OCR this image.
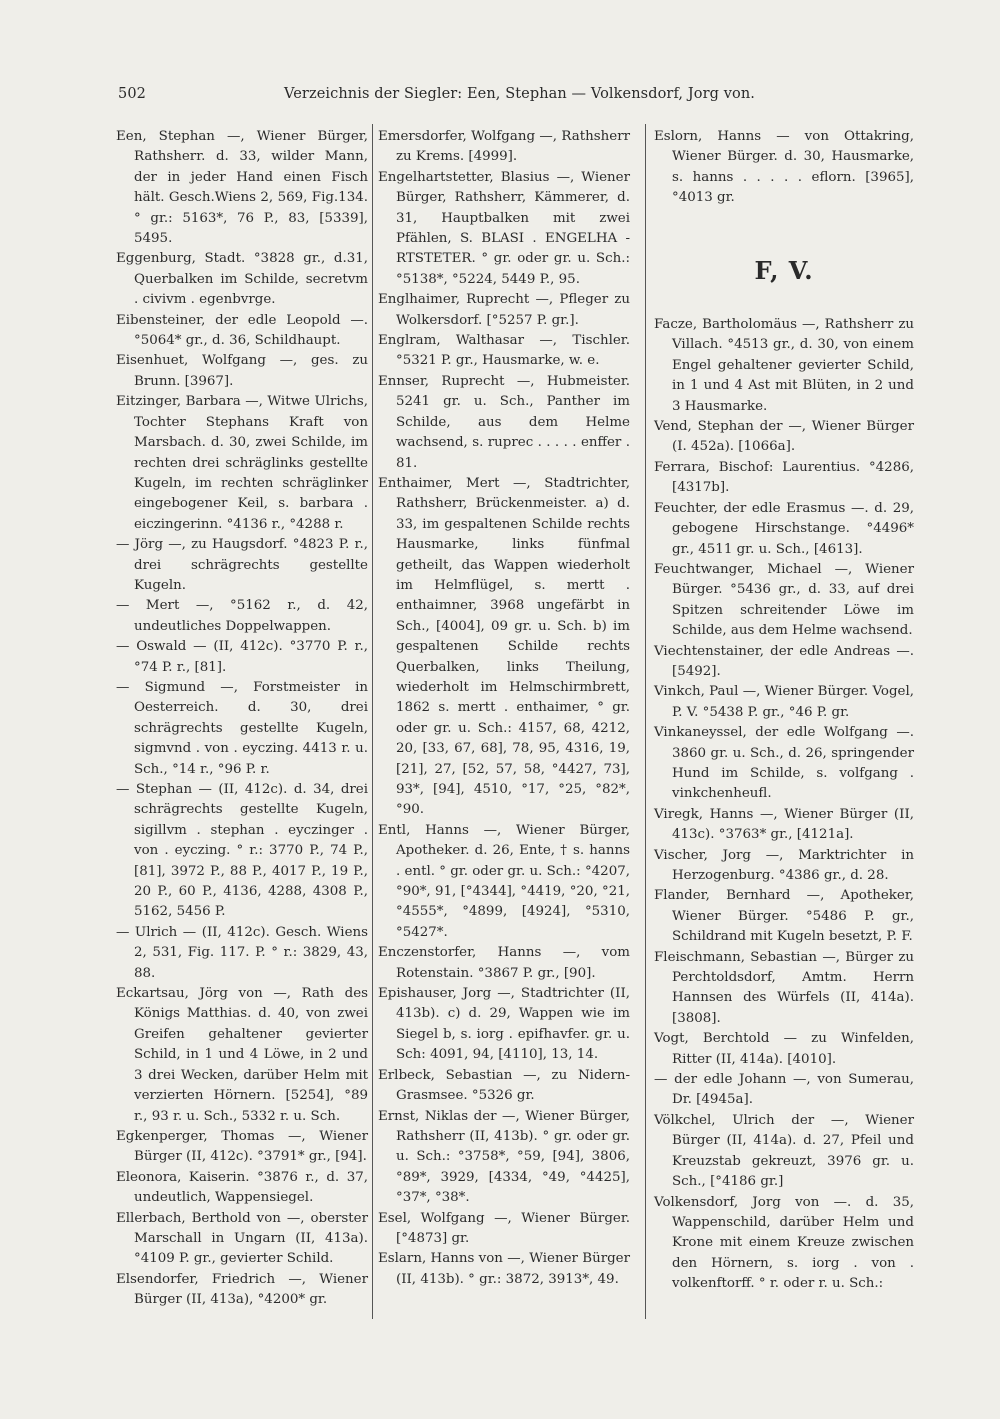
502	Verzeichnis der Siegler: Een, Stephan — Volkensdorf, Jorg von.

Een, Stephan —, Wiener Bürger, Rathsherr. d. 33, wilder Mann, der in jeder Hand einen Fisch hält. Gesch.Wiens 2, 569, Fig.134. ° gr.: 5163*, 76 P., 83, [5339], 5495.

Eggenburg, Stadt. °3828 gr., d.31, Querbalken im Schilde, secretvm . civivm . egenbvrge.

Eibensteiner, der edle Leopold —. °5064* gr., d. 36, Schildhaupt.

Eisenhuet, Wolfgang —, ges. zu Brunn. [3967].

Eitzinger, Barbara —, Witwe Ulrichs, Tochter Stephans Kraft von Marsbach. d. 30, zwei Schilde, im rechten drei schräglinks gestellte Kugeln, im rechten schräglinker eingebogener Keil, s. barbara . eiczingerinn. °4136 r., °4288 r.

— Jörg —, zu Haugsdorf. °4823 P. r., drei schrägrechts gestellte Kugeln.

— Mert —, °5162 r., d. 42, undeutliches Doppelwappen.

— Oswald — (II, 412c). °3770 P. r., °74 P. r., [81].

— Sigmund —, Forstmeister in Oesterreich. d. 30, drei schrägrechts gestellte Kugeln, sigmvnd . von . eyczing. 4413 r. u. Sch., °14 r., °96 P. r.

— Stephan — (II, 412c). d. 34, drei schrägrechts gestellte Kugeln, sigillvm . stephan . eyczinger . von . eyczing. ° r.: 3770 P., 74 P., [81], 3972 P., 88 P., 4017 P., 19 P., 20 P., 60 P., 4136, 4288, 4308 P., 5162, 5456 P.

— Ulrich — (II, 412c). Gesch. Wiens 2, 531, Fig. 117. P. ° r.: 3829, 43, 88.

Eckartsau, Jörg von —, Rath des Königs Matthias. d. 40, von zwei Greifen gehaltener gevierter Schild, in 1 und 4 Löwe, in 2 und 3 drei Wecken, darüber Helm mit verzierten Hörnern. [5254], °89 r., 93 r. u. Sch., 5332 r. u. Sch.

Egkenperger, Thomas —, Wiener Bürger (II, 412c). °3791* gr., [94].

Eleonora, Kaiserin. °3876 r., d. 37, undeutlich, Wappensiegel.

Ellerbach, Berthold von —, oberster Marschall in Ungarn (II, 413a). °4109 P. gr., gevierter Schild.

Elsendorfer, Friedrich —, Wiener Bürger (II, 413a), °4200* gr.

Emersdorfer, Wolfgang —, Rathsherr zu Krems. [4999].

Engelhartstetter, Blasius —, Wiener Bürger, Rathsherr, Kämmerer, d. 31, Hauptbalken mit zwei Pfählen, S. BLASI . ENGELHA - RTSTETER. ° gr. oder gr. u. Sch.: °5138*, °5224, 5449 P., 95.

Englhaimer, Ruprecht —, Pfleger zu Wolkersdorf. [°5257 P. gr.].

Englram, Walthasar —, Tischler. °5321 P. gr., Hausmarke, w. e.

Ennser, Ruprecht —, Hubmeister. 5241 gr. u. Sch., Panther im Schilde, aus dem Helme wachsend, s. ruprec . . . . . enffer . 81.

Enthaimer, Mert —, Stadtrichter, Rathsherr, Brückenmeister. a) d. 33, im gespaltenen Schilde rechts Hausmarke, links fünfmal getheilt, das Wappen wiederholt im Helmflügel, s. mertt . enthaimner, 3968 ungefärbt in Sch., [4004], 09 gr. u. Sch. b) im gespaltenen Schilde rechts Querbalken, links Theilung, wiederholt im Helmschirmbrett, 1862 s. mertt . enthaimer, ° gr. oder gr. u. Sch.: 4157, 68, 4212, 20, [33, 67, 68], 78, 95, 4316, 19, [21], 27, [52, 57, 58, °4427, 73], 93*, [94], 4510, °17, °25, °82*, °90.

Entl, Hanns —, Wiener Bürger, Apotheker. d. 26, Ente, † s. hanns . entl. ° gr. oder gr. u. Sch.: °4207, °90*, 91, [°4344], °4419, °20, °21, °4555*, °4899, [4924], °5310, °5427*.

Enczenstorfer, Hanns —, vom Rotenstain. °3867 P. gr., [90].

Epishauser, Jorg —, Stadtrichter (II, 413b). c) d. 29, Wappen wie im Siegel b, s. iorg . epifhavfer. gr. u. Sch: 4091, 94, [4110], 13, 14.

Erlbeck, Sebastian —, zu Nidern-Grasmsee. °5326 gr.

Ernst, Niklas der —, Wiener Bürger, Rathsherr (II, 413b). ° gr. oder gr. u. Sch.: °3758*, °59, [94], 3806, °89*, 3929, [4334, °49, °4425], °37*, °38*.

Esel, Wolfgang —, Wiener Bürger. [°4873] gr.

Eslarn, Hanns von —, Wiener Bürger (II, 413b). ° gr.: 3872, 3913*, 49.

Eslorn, Hanns — von Ottakring, Wiener Bürger. d. 30, Hausmarke, s. hanns . . . . . eflorn. [3965], °4013 gr.

F, V.

Facze, Bartholomäus —, Rathsherr zu Villach. °4513 gr., d. 30, von einem Engel gehaltener gevierter Schild, in 1 und 4 Ast mit Blüten, in 2 und 3 Hausmarke.

Vend, Stephan der —, Wiener Bürger (I. 452a). [1066a].

Ferrara, Bischof: Laurentius. °4286, [4317b].

Feuchter, der edle Erasmus —. d. 29, gebogene Hirschstange. °4496* gr., 4511 gr. u. Sch., [4613].

Feuchtwanger, Michael —, Wiener Bürger. °5436 gr., d. 33, auf drei Spitzen schreitender Löwe im Schilde, aus dem Helme wachsend.

Viechtenstainer, der edle Andreas —. [5492].

Vinkch, Paul —, Wiener Bürger. Vogel, P. V. °5438 P. gr., °46 P. gr.

Vinkaneyssel, der edle Wolfgang —. 3860 gr. u. Sch., d. 26, springender Hund im Schilde, s. volfgang . vinkchenheufl.

Viregk, Hanns —, Wiener Bürger (II, 413c). °3763* gr., [4121a].

Vischer, Jorg —, Marktrichter in Herzogenburg. °4386 gr., d. 28.

Flander, Bernhard —, Apotheker, Wiener Bürger. °5486 P. gr., Schildrand mit Kugeln besetzt, P. F.

Fleischmann, Sebastian —, Bürger zu Perchtoldsdorf, Amtm. Herrn Hannsen des Würfels (II, 414a). [3808].

Vogt, Berchtold — zu Winfelden, Ritter (II, 414a). [4010].

— der edle Johann —, von Sumerau, Dr. [4945a].

Völkchel, Ulrich der —, Wiener Bürger (II, 414a). d. 27, Pfeil und Kreuzstab gekreuzt, 3976 gr. u. Sch., [°4186 gr.]

Volkensdorf, Jorg von —. d. 35, Wappenschild, darüber Helm und Krone mit einem Kreuze zwischen den Hörnern, s. iorg . von . volkenftorff. ° r. oder r. u. Sch.:
